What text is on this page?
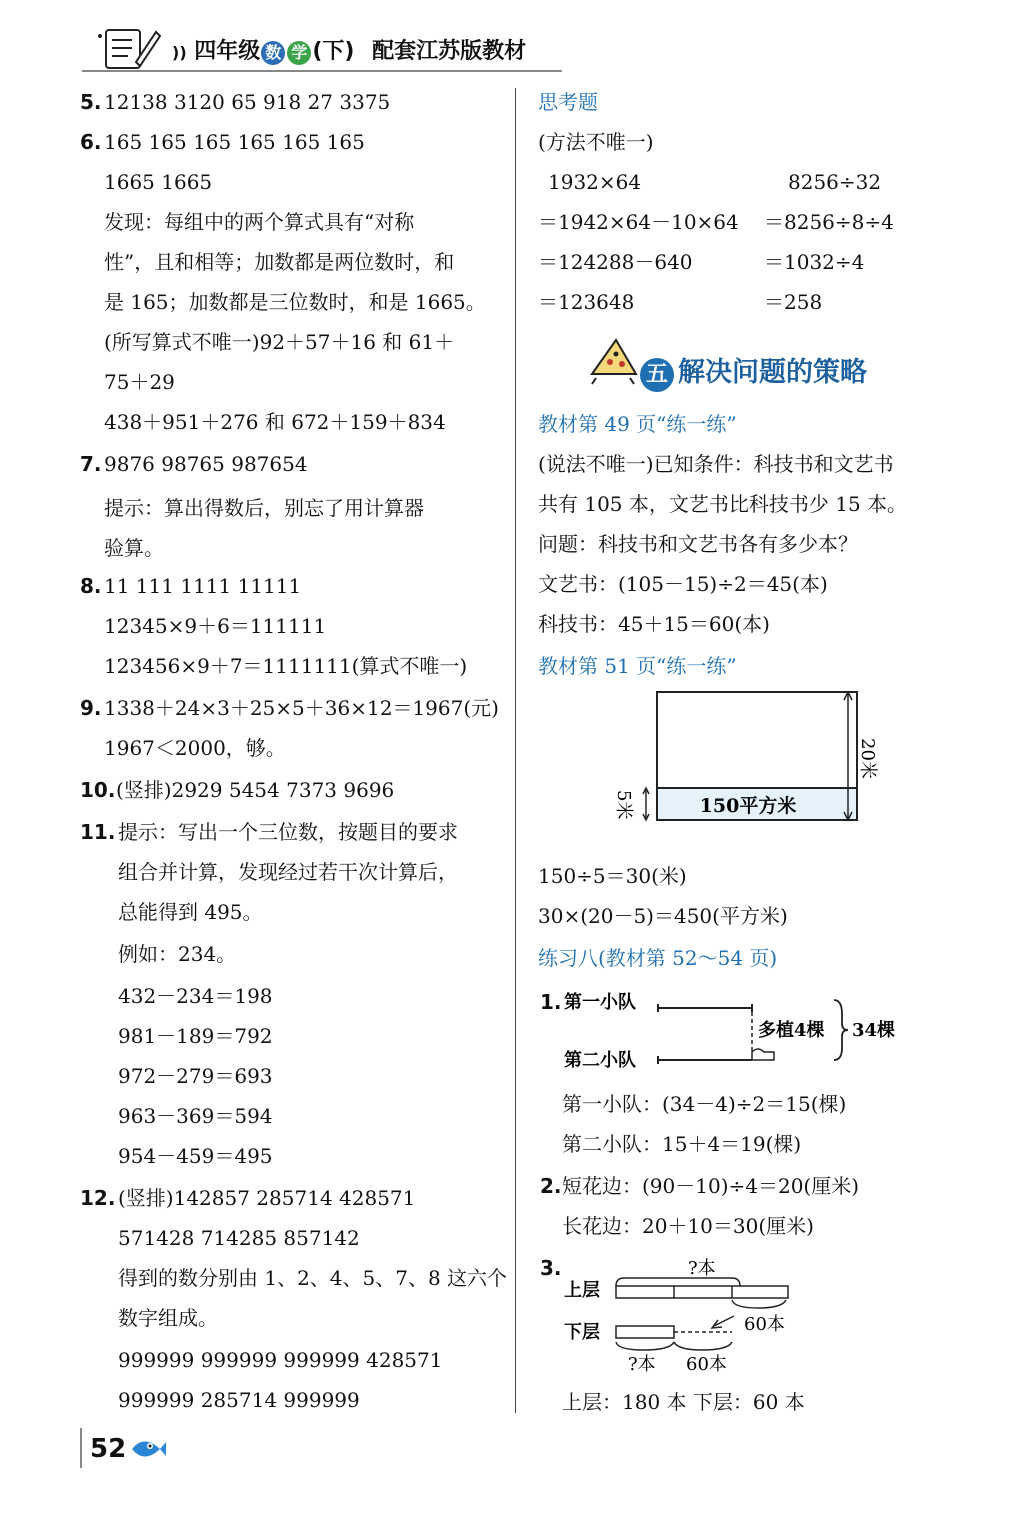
)) 四年级 数 学 (下) 配套江苏版教材
5. 12138 3120 65 918 27 3375
6. 165 165 165 165 165 165
1665 1665
发现：每组中的两个算式具有“对称
性”，且和相等；加数都是两位数时，和
是 165；加数都是三位数时，和是 1665。
(所写算式不唯一)92＋57＋16 和 61＋
75＋29
438＋951＋276 和 672＋159＋834
7. 9876 98765 987654
提示：算出得数后，别忘了用计算器
验算。
8. 11 111 1111 11111
12345×9＋6＝111111
123456×9＋7＝1111111(算式不唯一)
9. 1338＋24×3＋25×5＋36×12＝1967(元)
1967＜2000，够。
10. (竖排)2929 5454 7373 9696
11. 提示：写出一个三位数，按题目的要求
组合并计算，发现经过若干次计算后，
总能得到 495。
例如：234。
432－234＝198
981－189＝792
972－279＝693
963－369＝594
954－459＝495
12. (竖排)142857 285714 428571
571428 714285 857142
得到的数分别由 1、2、4、5、7、8 这六个
数字组成。
999999 999999 999999 428571
999999 285714 999999
思考题
(方法不唯一)
1932×64
＝1942×64－10×64
＝124288－640
＝123648
8256÷32
＝8256÷8÷4
＝1032÷4
＝258
五 解决问题的策略
教材第 49 页“练一练”
(说法不唯一)已知条件：科技书和文艺书
共有 105 本，文艺书比科技书少 15 本。
问题：科技书和文艺书各有多少本？
文艺书：(105－15)÷2＝45(本)
科技书：45＋15＝60(本)
教材第 51 页“练一练”
150平方米
20米
5米
150÷5＝30(米)
30×(20－5)＝450(平方米)
练习八(教材第 52～54 页)
1. 第一小队
多植4棵
第二小队
34棵
第一小队：(34－4)÷2＝15(棵)
第二小队：15＋4＝19(棵)
2. 短花边：(90－10)÷4＝20(厘米)
长花边：20＋10＝30(厘米)
3.	?本
上层
60本
下层
?本 60本
上层：180 本 下层：60 本
52
